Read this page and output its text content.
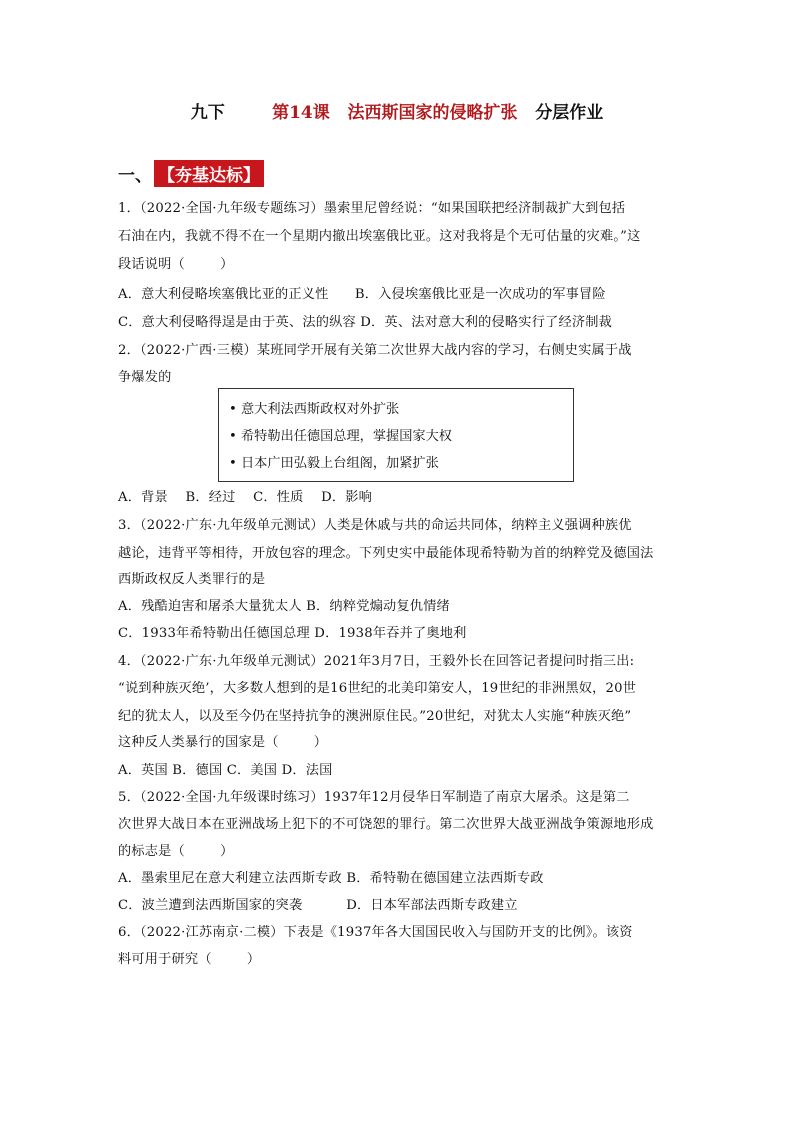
九下	第14课   法西斯国家的侵略扩张 分层作业
一、 【夯基达标】
1．（2022·全国·九年级专题练习）墨索里尼曾经说：“如果国联把经济制裁扩大到包括
石油在内，我就不得不在一个星期内撤出埃塞俄比亚。这对我将是个无可估量的灾难。”这
段话说明（        ）
A．意大利侵略埃塞俄比亚的正义性      B．入侵埃塞俄比亚是一次成功的军事冒险
C．意大利侵略得逞是由于英、法的纵容 D．英、法对意大利的侵略实行了经济制裁
2．（2022·广西·三模）某班同学开展有关第二次世界大战内容的学习，右侧史实属于战
争爆发的
• 意大利法西斯政权对外扩张
• 希特勒出任德国总理，掌握国家大权
• 日本广田弘毅上台组阁，加紧扩张
A．背景    B．经过    C．性质    D．影响
3．（2022·广东·九年级单元测试）人类是休戚与共的命运共同体，纳粹主义强调种族优
越论，违背平等相待，开放包容的理念。下列史实中最能体现希特勒为首的纳粹党及德国法
西斯政权反人类罪行的是
A．残酷迫害和屠杀大量犹太人 B．纳粹党煽动复仇情绪
C．1933年希特勒出任德国总理 D．1938年吞并了奥地利
4．（2022·广东·九年级单元测试）2021年3月7日，王毅外长在回答记者提问时指三出:
“说到种族灭绝’，大多数人想到的是16世纪的北美印第安人，19世纪的非洲黑奴，20世
纪的犹太人，以及至今仍在坚持抗争的澳洲原住民。”20世纪，对犹太人实施“种族灭绝”
这种反人类暴行的国家是（        ）
A．英国 B．德国 C．美国 D．法国
5．（2022·全国·九年级课时练习）1937年12月侵华日军制造了南京大屠杀。这是第二
次世界大战日本在亚洲战场上犯下的不可饶恕的罪行。第二次世界大战亚洲战争策源地形成
的标志是（        ）
A．墨索里尼在意大利建立法西斯专政 B．希特勒在德国建立法西斯专政
C．波兰遭到法西斯国家的突袭          D．日本军部法西斯专政建立
6．（2022·江苏南京·二模）下表是《1937年各大国国民收入与国防开支的比例》。该资
料可用于研究（        ）
